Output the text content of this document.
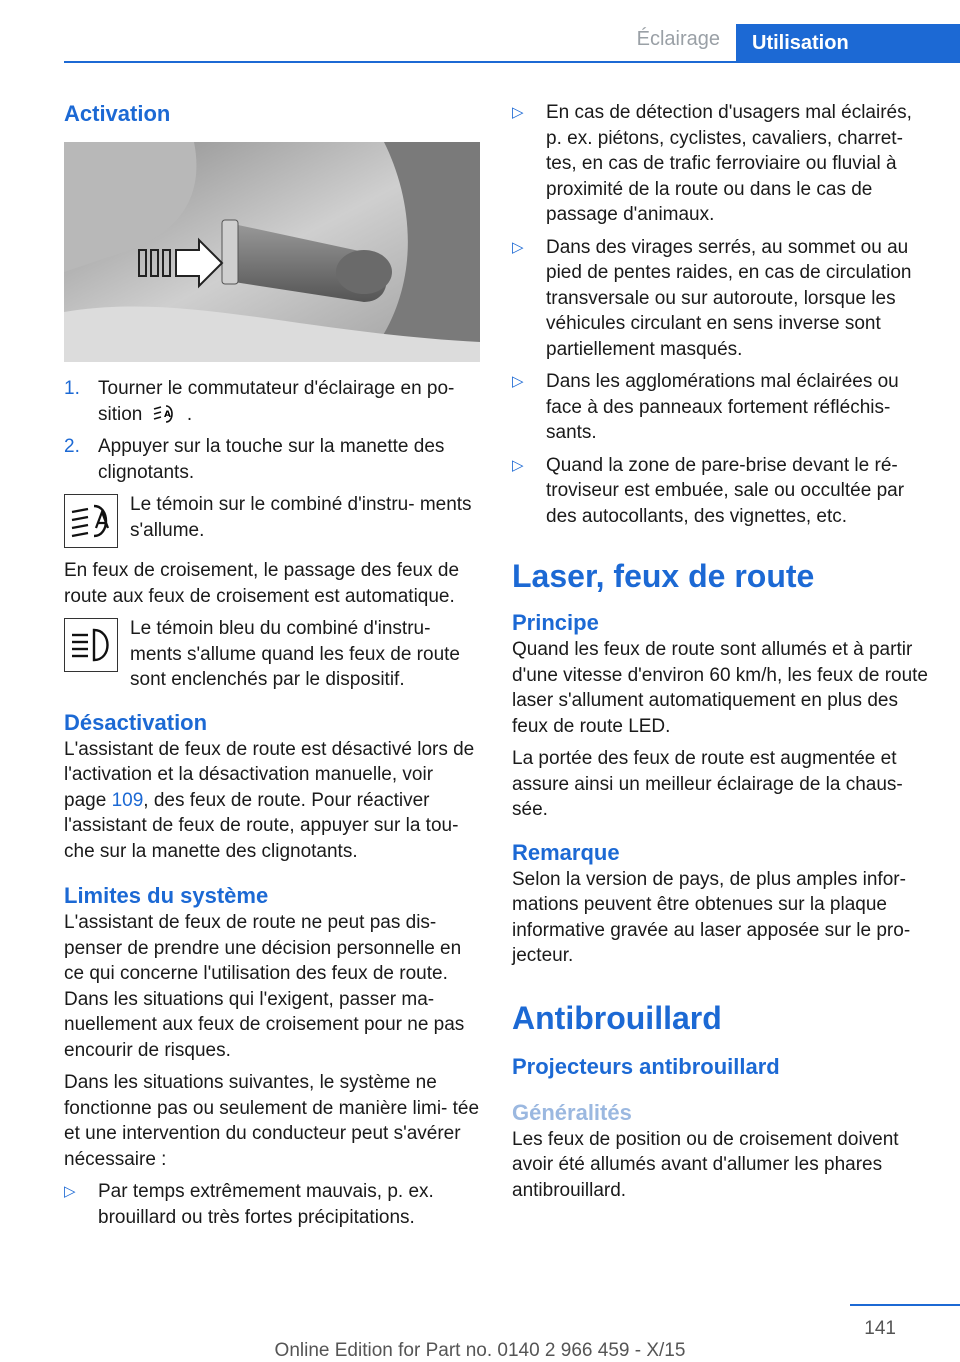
Éclairage	Utilisation
Activation
1. Tourner le commutateur d'éclairage en po‐ sition A .
2. Appuyer sur la touche sur la manette des clignotants.
Le témoin sur le combiné d'instru‐ ments s'allume.

En feux de croisement, le passage des feux de route aux feux de croisement est automatique.

Le témoin bleu du combiné d'instru‐ ments s'allume quand les feux de route sont enclenchés par le dispositif.
Désactivation

L'assistant de feux de route est désactivé lors de l'activation et la désactivation manuelle, voir page 109, des feux de route. Pour réactiver l'assistant de feux de route, appuyer sur la tou‐ che sur la manette des clignotants.

Limites du système

L'assistant de feux de route ne peut pas dis‐ penser de prendre une décision personnelle en ce qui concerne l'utilisation des feux de route. Dans les situations qui l'exigent, passer ma‐ nuellement aux feux de croisement pour ne pas encourir de risques.

Dans les situations suivantes, le système ne fonctionne pas ou seulement de manière limi‐ tée et une intervention du conducteur peut s'avérer nécessaire :

▷ Par temps extrêmement mauvais, p. ex. brouillard ou très fortes précipitations.
▷ En cas de détection d'usagers mal éclairés, p. ex. piétons, cyclistes, cavaliers, charret‐ tes, en cas de trafic ferroviaire ou fluvial à proximité de la route ou dans le cas de passage d'animaux.
▷ Dans des virages serrés, au sommet ou au pied de pentes raides, en cas de circulation transversale ou sur autoroute, lorsque les véhicules circulant en sens inverse sont partiellement masqués.
▷ Dans les agglomérations mal éclairées ou face à des panneaux fortement réfléchis‐ sants.
▷ Quand la zone de pare-brise devant le ré‐ troviseur est embuée, sale ou occultée par des autocollants, des vignettes, etc.
Laser, feux de route
Principe

Quand les feux de route sont allumés et à partir d'une vitesse d'environ 60 km/h, les feux de route laser s'allument automatiquement en plus des feux de route LED.

La portée des feux de route est augmentée et assure ainsi un meilleur éclairage de la chaus‐ sée.

Remarque

Selon la version de pays, de plus amples infor‐ mations peuvent être obtenues sur la plaque informative gravée au laser apposée sur le pro‐ jecteur.

Antibrouillard
Projecteurs antibrouillard
Généralités

Les feux de position ou de croisement doivent avoir été allumés avant d'allumer les phares antibrouillard.

141
Online Edition for Part no. 0140 2 966 459 - X/15
